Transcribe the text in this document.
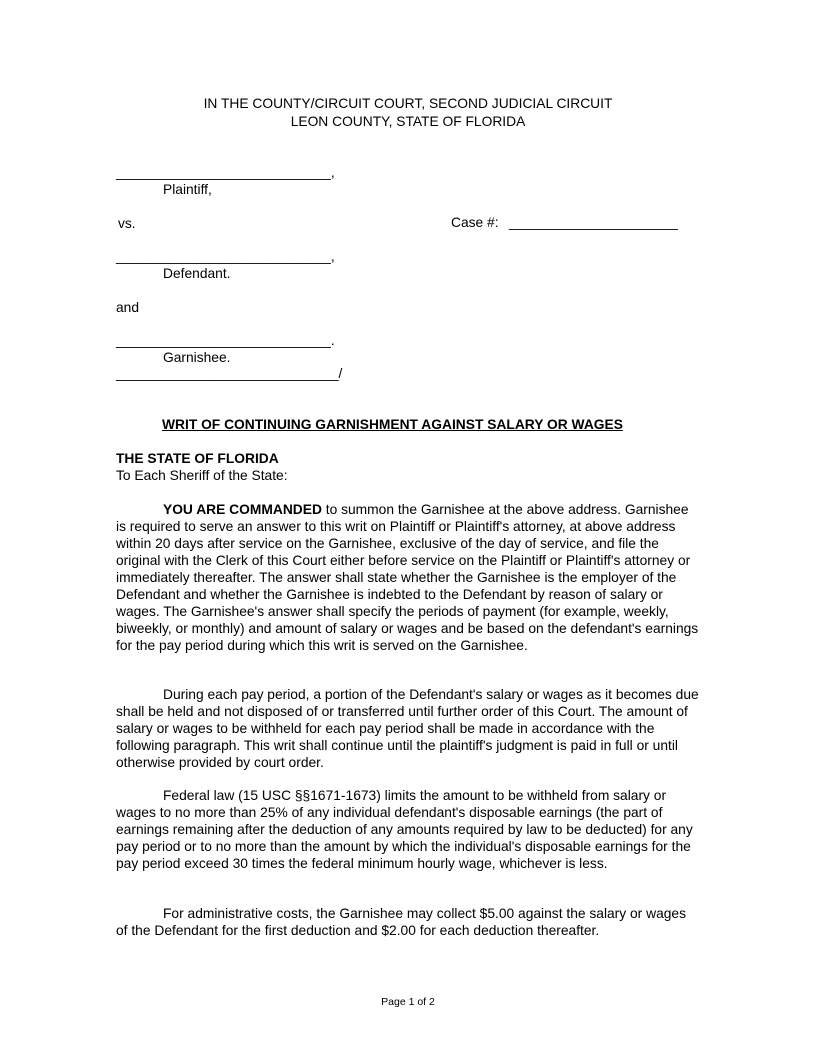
IN THE COUNTY/CIRCUIT COURT, SECOND JUDICIAL CIRCUIT
LEON COUNTY, STATE OF FLORIDA
____________________________,
Plaintiff,
vs.	Case #: ______________________
____________________________,
Defendant.
and
____________________________.
Garnishee.
_____________________________/
WRIT OF CONTINUING GARNISHMENT AGAINST SALARY OR WAGES
THE STATE OF FLORIDA
To Each Sheriff of the State:
YOU ARE COMMANDED to summon the Garnishee at the above address. Garnishee is required to serve an answer to this writ on Plaintiff or Plaintiff's attorney, at above address within 20 days after service on the Garnishee, exclusive of the day of service, and file the original with the Clerk of this Court either before service on the Plaintiff or Plaintiff's attorney or immediately thereafter. The answer shall state whether the Garnishee is the employer of the Defendant and whether the Garnishee is indebted to the Defendant by reason of salary or wages. The Garnishee's answer shall specify the periods of payment (for example, weekly, biweekly, or monthly) and amount of salary or wages and be based on the defendant's earnings for the pay period during which this writ is served on the Garnishee.
During each pay period, a portion of the Defendant's salary or wages as it becomes due shall be held and not disposed of or transferred until further order of this Court. The amount of salary or wages to be withheld for each pay period shall be made in accordance with the following paragraph. This writ shall continue until the plaintiff's judgment is paid in full or until otherwise provided by court order.
Federal law (15 USC §§1671-1673) limits the amount to be withheld from salary or wages to no more than 25% of any individual defendant's disposable earnings (the part of earnings remaining after the deduction of any amounts required by law to be deducted) for any pay period or to no more than the amount by which the individual's disposable earnings for the pay period exceed 30 times the federal minimum hourly wage, whichever is less.
For administrative costs, the Garnishee may collect $5.00 against the salary or wages of the Defendant for the first deduction and $2.00 for each deduction thereafter.
Page 1 of 2
